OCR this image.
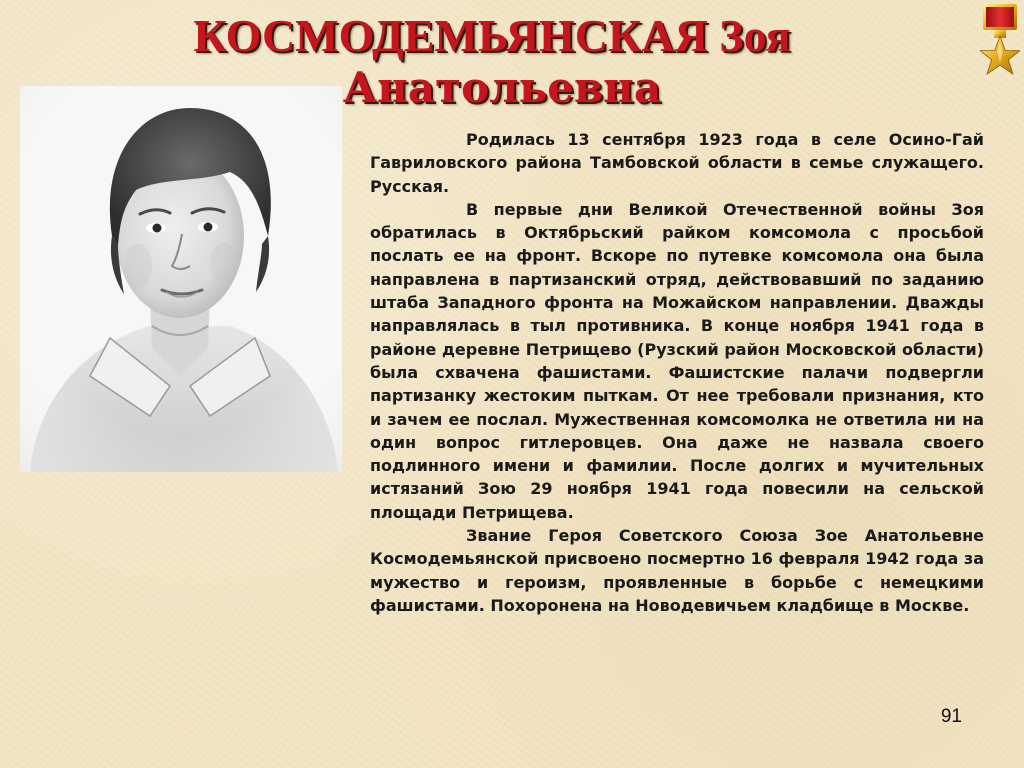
КОСМОДЕМЬЯНСКАЯ Зоя
Анатольевна

Родилась 13 сентября 1923 года в селе Осино-Гай Гавриловского района Тамбовской области в семье служащего. Русская.

В первые дни Великой Отечественной войны Зоя обратилась в Октябрьский райком комсомола с просьбой послать ее на фронт. Вскоре по путевке комсомола она была направлена в партизанский отряд, действовавший по заданию штаба Западного фронта на Можайском направлении. Дважды направлялась в тыл противника. В конце ноября 1941 года в районе деревне Петрищево (Рузский район Московской области) была схвачена фашистами. Фашистские палачи подвергли партизанку жестоким пыткам. От нее требовали признания, кто и зачем ее послал. Мужественная комсомолка не ответила ни на один вопрос гитлеровцев. Она даже не назвала своего подлинного имени и фамилии. После долгих и мучительных истязаний Зою 29 ноября 1941 года повесили на сельской площади Петрищева.

Звание Героя Советского Союза Зое Анатольевне Космодемьянской присвоено посмертно 16 февраля 1942 года за мужество и героизм, проявленные в борьбе с немецкими фашистами. Похоронена на Новодевичьем кладбище в Москве.

91
